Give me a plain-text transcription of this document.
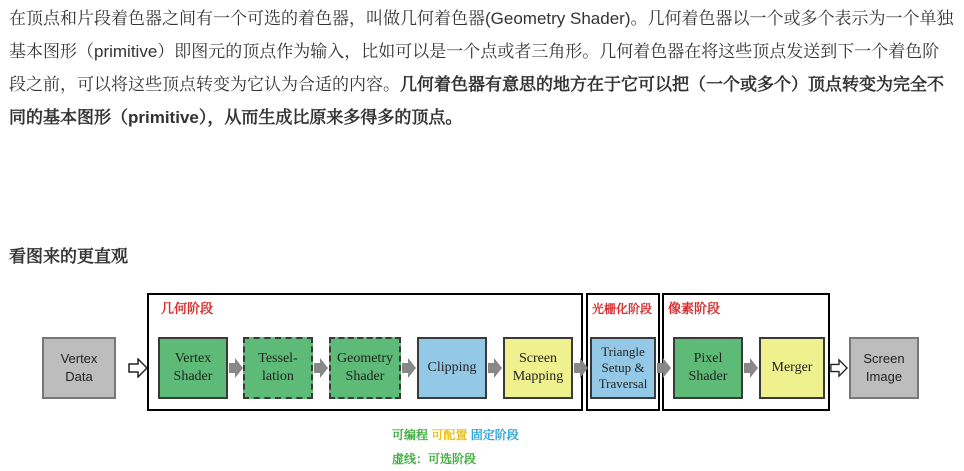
在顶点和片段着色器之间有一个可选的着色器，叫做几何着色器(Geometry Shader)。几何着色器以一个或多个表示为一个单独基本图形（primitive）即图元的顶点作为输入，比如可以是一个点或者三角形。几何着色器在将这些顶点发送到下一个着色阶段之前，可以将这些顶点转变为它认为合适的内容。几何着色器有意思的地方在于它可以把（一个或多个）顶点转变为完全不同的基本图形（primitive），从而生成比原来多得多的顶点。

看图来的更直观

几何阶段	光栅化阶段 像素阶段

Vertex
Data
Vertex
Shader
Tessel-
lation
Geometry
Shader
Clipping
Screen
Mapping
Triangle
Setup &
Traversal
Pixel
Shader
Merger
Screen
Image

可编程 可配置 固定阶段

虚线：可选阶段
